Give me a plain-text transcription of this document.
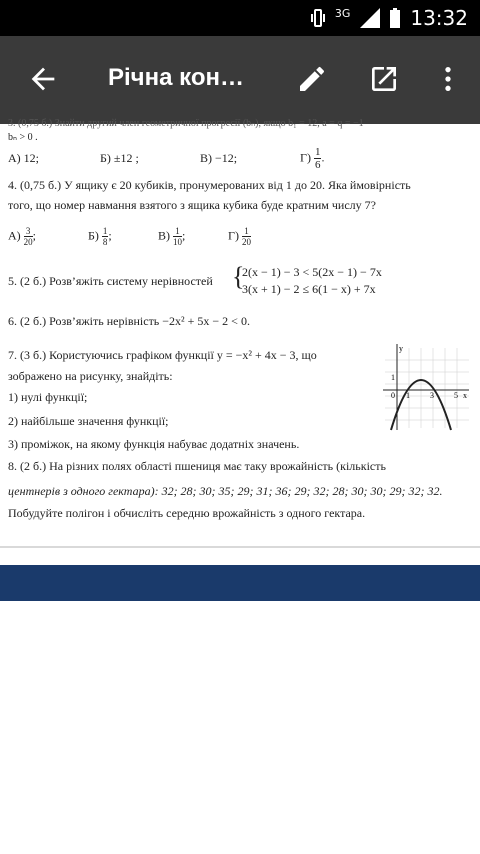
3G	13:32
Річна кон…
3. (0,75 б.) Знайти другий член геометричної прогресії (bₙ), якщо b₁ = 12, a = q = −1
bₙ > 0 .
А) 12;	Б) ±12 ;	В) −12;	$Г) \frac{1}{6}$ .
4. (0,75 б.) У ящику є 20 кубиків, пронумерованих від 1 до 20. Яка ймовірність
того, що номер навмання взятого з ящика кубика буде кратним числу 7?
$А) \frac{3}{20}$ ;	$Б) \frac{1}{8}$ ;	$В) \frac{1}{10}$ ;	$Г) \frac{1}{20}$
5. (2 б.) Розв’яжіть систему нерівностей {
2(x − 1) − 3 < 5(2x − 1) − 7x
3(x + 1) − 2 ≤ 6(1 − x) + 7x
6. (2 б.) Розв’яжіть нерівність −2x² + 5x − 2 < 0.
7. (3 б.) Користуючись графіком функції y = −x² + 4x − 3, що
зображено на рисунку, знайдіть:
1) нулі функції;
2) найбільше значення функції;
3) проміжок, на якому функція набуває додатніх значень.
y
x
1
0 1	3	5
8. (2 б.) На різних полях області пшениця має таку врожайність (кількість
центнерів з одного гектара): 32; 28; 30; 35; 29; 31; 36; 29; 32; 28; 30; 30; 29; 32; 32.
Побудуйте полігон і обчисліть середню врожайність з одного гектара.
